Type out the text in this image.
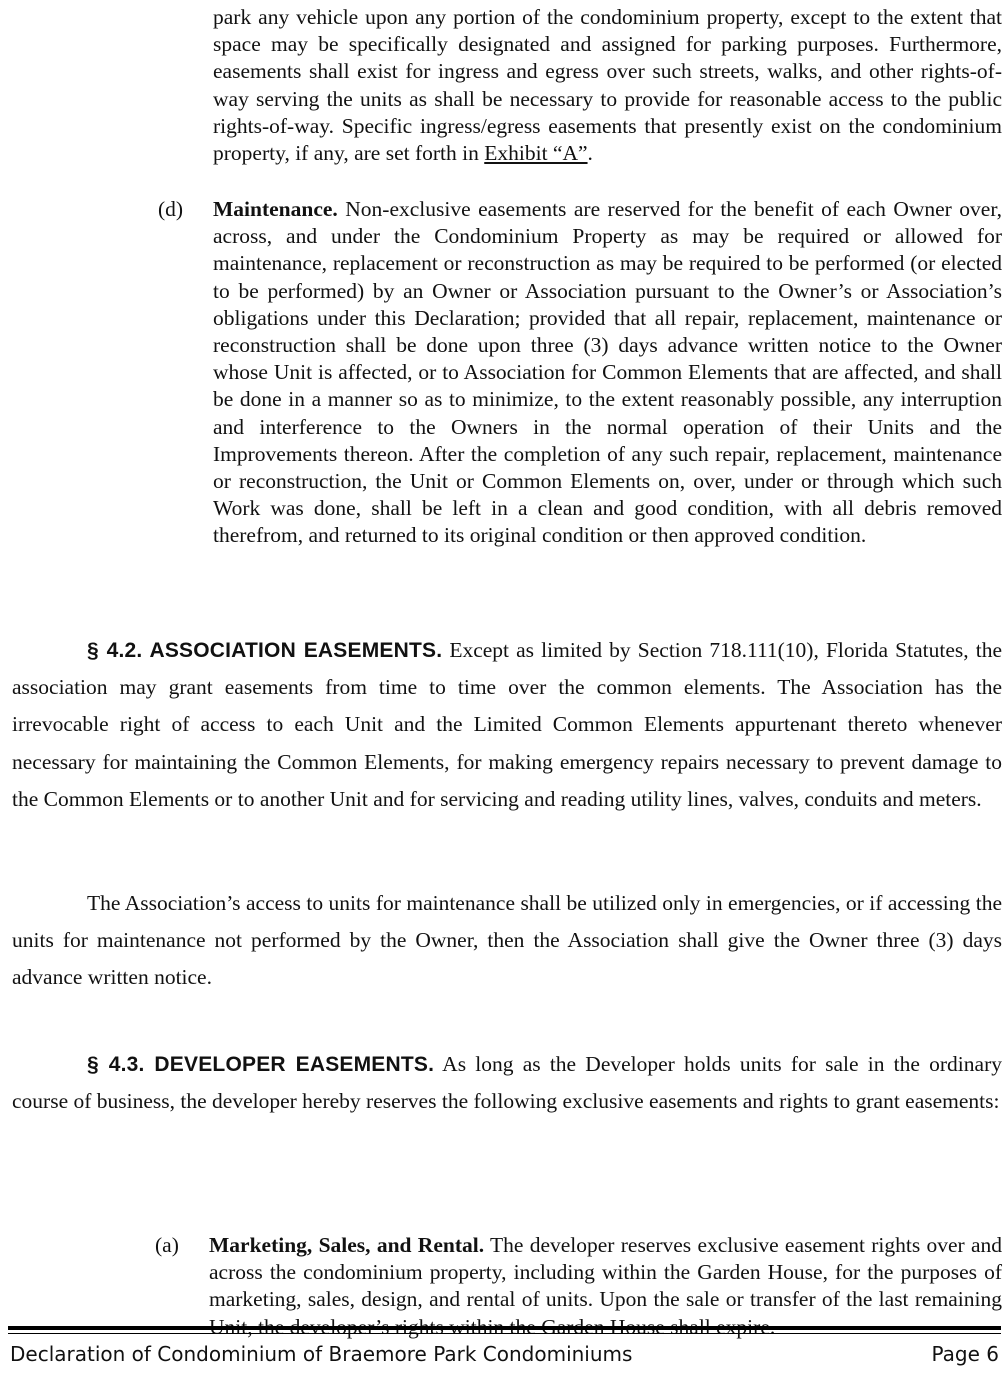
park any vehicle upon any portion of the condominium property, except to the extent that space may be specifically designated and assigned for parking purposes. Furthermore, easements shall exist for ingress and egress over such streets, walks, and other rights-of-way serving the units as shall be necessary to provide for reasonable access to the public rights-of-way. Specific ingress/egress easements that presently exist on the condominium property, if any, are set forth in Exhibit “A”.
(d) Maintenance. Non-exclusive easements are reserved for the benefit of each Owner over, across, and under the Condominium Property as may be required or allowed for maintenance, replacement or reconstruction as may be required to be performed (or elected to be performed) by an Owner or Association pursuant to the Owner’s or Association’s obligations under this Declaration; provided that all repair, replacement, maintenance or reconstruction shall be done upon three (3) days advance written notice to the Owner whose Unit is affected, or to Association for Common Elements that are affected, and shall be done in a manner so as to minimize, to the extent reasonably possible, any interruption and interference to the Owners in the normal operation of their Units and the Improvements thereon. After the completion of any such repair, replacement, maintenance or reconstruction, the Unit or Common Elements on, over, under or through which such Work was done, shall be left in a clean and good condition, with all debris removed therefrom, and returned to its original condition or then approved condition.
§ 4.2. ASSOCIATION EASEMENTS. Except as limited by Section 718.111(10), Florida Statutes, the association may grant easements from time to time over the common elements. The Association has the irrevocable right of access to each Unit and the Limited Common Elements appurtenant thereto whenever necessary for maintaining the Common Elements, for making emergency repairs necessary to prevent damage to the Common Elements or to another Unit and for servicing and reading utility lines, valves, conduits and meters.
The Association’s access to units for maintenance shall be utilized only in emergencies, or if accessing the units for maintenance not performed by the Owner, then the Association shall give the Owner three (3) days advance written notice.
§ 4.3. DEVELOPER EASEMENTS. As long as the Developer holds units for sale in the ordinary course of business, the developer hereby reserves the following exclusive easements and rights to grant easements:
(a) Marketing, Sales, and Rental. The developer reserves exclusive easement rights over and across the condominium property, including within the Garden House, for the purposes of marketing, sales, design, and rental of units. Upon the sale or transfer of the last remaining
Declaration of Condominium of Braemore Park Condominiums	Page 6
